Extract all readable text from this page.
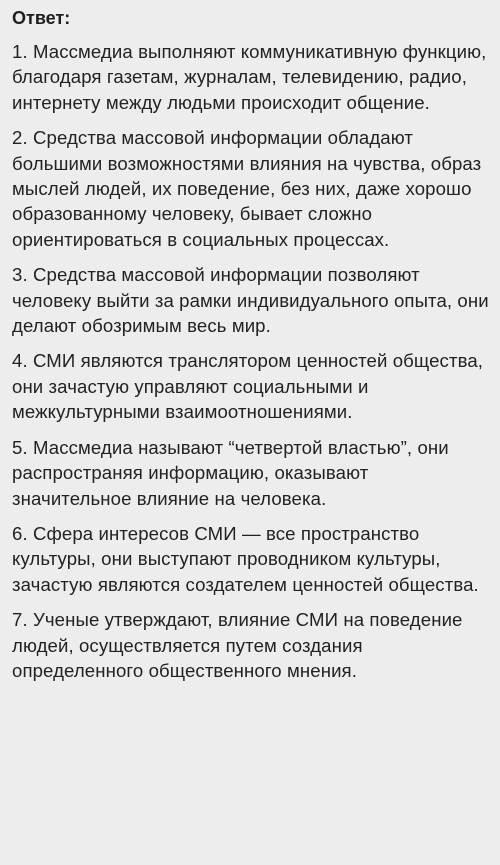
Ответ:

1. Массмедиа выполняют коммуникативную функцию, благодаря газетам, журналам, телевидению, радио, интернету между людьми происходит общение.

2. Средства массовой информации обладают большими возможностями влияния на чувства, образ мыслей людей, их поведение, без них, даже хорошо образованному человеку, бывает сложно ориентироваться в социальных процессах.

3. Средства массовой информации позволяют человеку выйти за рамки индивидуального опыта, они делают обозримым весь мир.

4. СМИ являются транслятором ценностей общества, они зачастую управляют социальными и межкультурными взаимоотношениями.

5. Массмедиа называют “четвертой властью”, они распространяя информацию, оказывают значительное влияние на человека.

6. Сфера интересов СМИ — все пространство культуры, они выступают проводником культуры, зачастую являются создателем ценностей общества.

7. Ученые утверждают, влияние СМИ на поведение людей, осуществляется путем создания определенного общественного мнения.
